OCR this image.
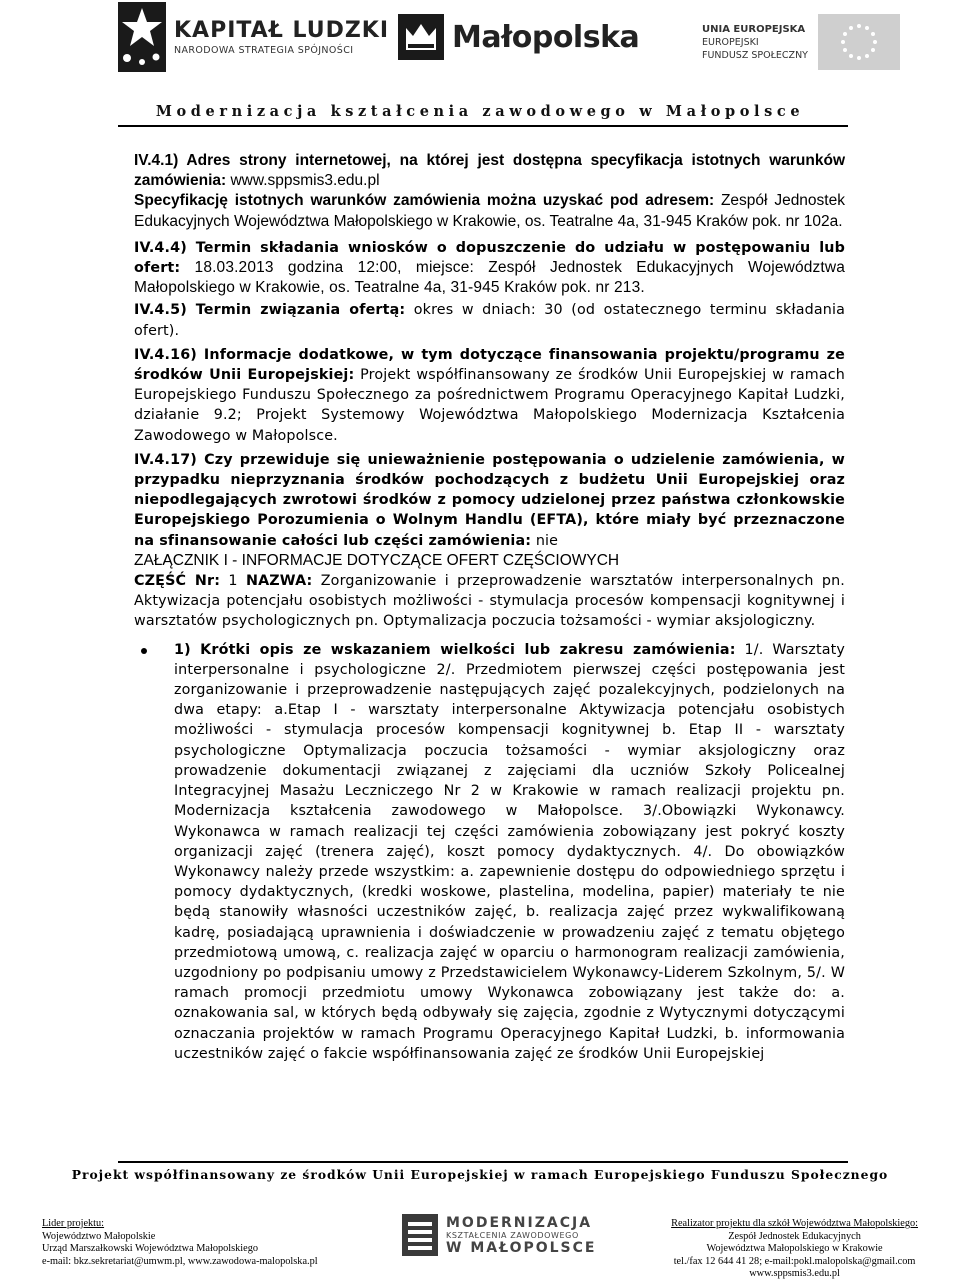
KAPITAŁ LUDZKI
NARODOWA STRATEGIA SPÓJNOŚCI	Małopolska	UNIA EUROPEJSKA
EUROPEJSKI
FUNDUSZ SPOŁECZNY
Modernizacja kształcenia zawodowego w Małopolsce

IV.4.1) Adres strony internetowej, na której jest dostępna specyfikacja istotnych warunków zamówienia: www.sppsmis3.edu.pl
Specyfikację istotnych warunków zamówienia można uzyskać pod adresem: Zespół Jednostek Edukacyjnych Województwa Małopolskiego w Krakowie, os. Teatralne 4a, 31-945 Kraków pok. nr 102a.

IV.4.4) Termin składania wniosków o dopuszczenie do udziału w postępowaniu lub ofert: 18.03.2013 godzina 12:00, miejsce: Zespół Jednostek Edukacyjnych Województwa Małopolskiego w Krakowie, os. Teatralne 4a, 31-945 Kraków pok. nr 213.

IV.4.5) Termin związania ofertą: okres w dniach: 30 (od ostatecznego terminu składania ofert).

IV.4.16) Informacje dodatkowe, w tym dotyczące finansowania projektu/programu ze środków Unii Europejskiej: Projekt współfinansowany ze środków Unii Europejskiej w ramach Europejskiego Funduszu Społecznego za pośrednictwem Programu Operacyjnego Kapitał Ludzki, działanie 9.2; Projekt Systemowy Województwa Małopolskiego Modernizacja Kształcenia Zawodowego w Małopolsce.

IV.4.17) Czy przewiduje się unieważnienie postępowania o udzielenie zamówienia, w przypadku nieprzyznania środków pochodzących z budżetu Unii Europejskiej oraz niepodlegających zwrotowi środków z pomocy udzielonej przez państwa członkowskie Europejskiego Porozumienia o Wolnym Handlu (EFTA), które miały być przeznaczone na sfinansowanie całości lub części zamówienia: nie

ZAŁĄCZNIK I - INFORMACJE DOTYCZĄCE OFERT CZĘŚCIOWYCH

CZĘŚĆ Nr: 1 NAZWA: Zorganizowanie i przeprowadzenie warsztatów interpersonalnych pn. Aktywizacja potencjału osobistych możliwości - stymulacja procesów kompensacji kognitywnej i warsztatów psychologicznych pn. Optymalizacja poczucia tożsamości - wymiar aksjologiczny.

1) Krótki opis ze wskazaniem wielkości lub zakresu zamówienia: 1/. Warsztaty interpersonalne i psychologiczne 2/. Przedmiotem pierwszej części postępowania jest zorganizowanie i przeprowadzenie następujących zajęć pozalekcyjnych, podzielonych na dwa etapy: a.Etap I - warsztaty interpersonalne Aktywizacja potencjału osobistych możliwości - stymulacja procesów kompensacji kognitywnej b. Etap II - warsztaty psychologiczne Optymalizacja poczucia tożsamości - wymiar aksjologiczny oraz prowadzenie dokumentacji związanej z zajęciami dla uczniów Szkoły Policealnej Integracyjnej Masażu Leczniczego Nr 2 w Krakowie w ramach realizacji projektu pn. Modernizacja kształcenia zawodowego w Małopolsce. 3/.Obowiązki Wykonawcy. Wykonawca w ramach realizacji tej części zamówienia zobowiązany jest pokryć koszty organizacji zajęć (trenera zajęć), koszt pomocy dydaktycznych. 4/. Do obowiązków Wykonawcy należy przede wszystkim: a. zapewnienie dostępu do odpowiedniego sprzętu i pomocy dydaktycznych, (kredki woskowe, plastelina, modelina, papier) materiały te nie będą stanowiły własności uczestników zajęć, b. realizacja zajęć przez wykwalifikowaną kadrę, posiadającą uprawnienia i doświadczenie w prowadzeniu zajęć z tematu objętego przedmiotową umową, c. realizacja zajęć w oparciu o harmonogram realizacji zamówienia, uzgodniony po podpisaniu umowy z Przedstawicielem Wykonawcy-Liderem Szkolnym, 5/. W ramach promocji przedmiotu umowy Wykonawca zobowiązany jest także do: a. oznakowania sal, w których będą odbywały się zajęcia, zgodnie z Wytycznymi dotyczącymi oznaczania projektów w ramach Programu Operacyjnego Kapitał Ludzki, b. informowania uczestników zajęć o fakcie współfinansowania zajęć ze środków Unii Europejskiej

Projekt współfinansowany ze środków Unii Europejskiej w ramach Europejskiego Funduszu Społecznego
Lider projektu:
Województwo Małopolskie
Urząd Marszałkowski Województwa Małopolskiego
e-mail: bkz.sekretariat@umwm.pl, www.zawodowa-malopolska.pl
MODERNIZACJA
KSZTAŁCENIA ZAWODOWEGO
W MAŁOPOLSCE
Realizator projektu dla szkół Województwa Małopolskiego:
Zespół Jednostek Edukacyjnych
Województwa Małopolskiego w Krakowie
tel./fax 12 644 41 28; e-mail:pokl.malopolska@gmail.com
www.sppsmis3.edu.pl
